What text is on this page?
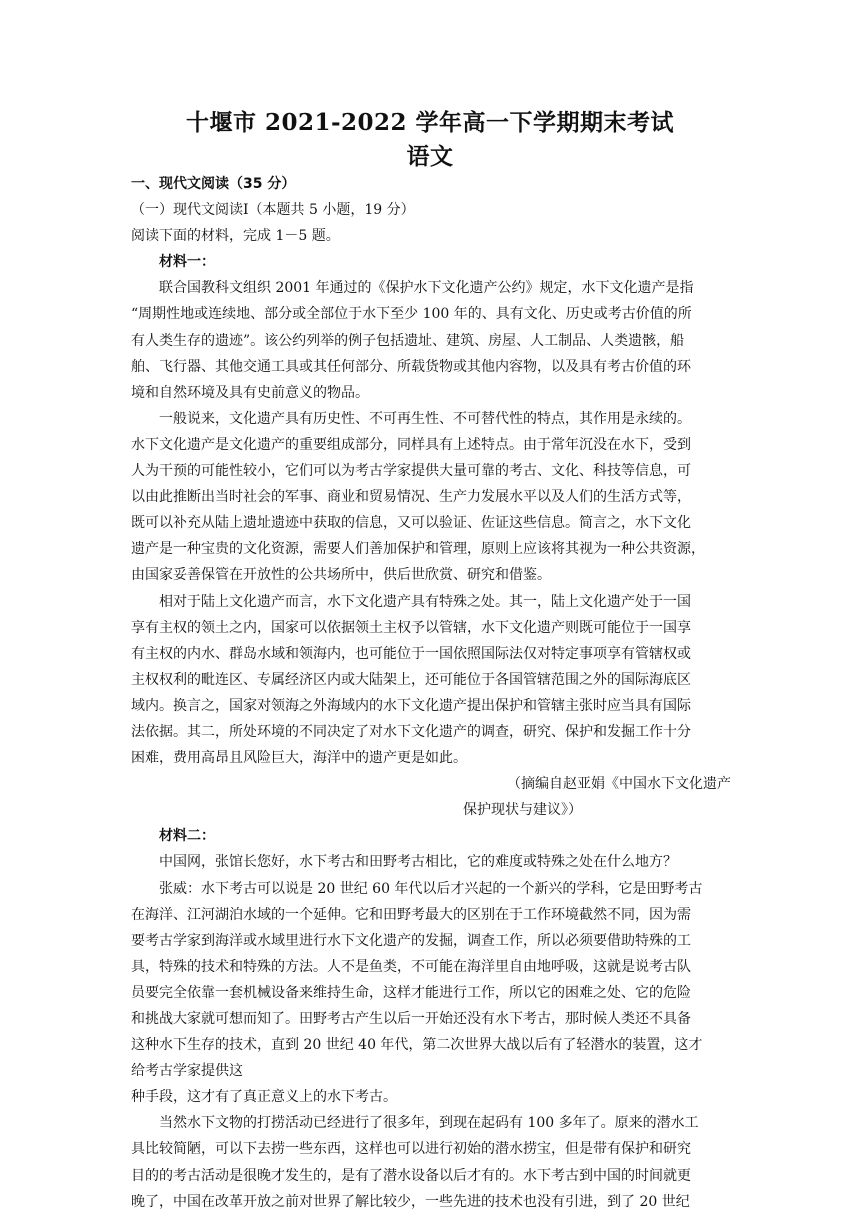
十堰市 2021-2022 学年高一下学期期末考试
语文

一、现代文阅读（35 分）

（一）现代文阅读Ⅰ（本题共 5 小题，19 分）

阅读下面的材料，完成 1－5 题。

材料一：

联合国教科文组织 2001 年通过的《保护水下文化遗产公约》规定，水下文化遗产是指

“周期性地或连续地、部分或全部位于水下至少 100 年的、具有文化、历史或考古价值的所

有人类生存的遗迹”。该公约列举的例子包括遗址、建筑、房屋、人工制品、人类遗骸，船

舶、飞行器、其他交通工具或其任何部分、所载货物或其他内容物，以及具有考古价值的环

境和自然环境及具有史前意义的物品。

一般说来，文化遗产具有历史性、不可再生性、不可替代性的特点，其作用是永续的。

水下文化遗产是文化遗产的重要组成部分，同样具有上述特点。由于常年沉没在水下，受到

人为干预的可能性较小，它们可以为考古学家提供大量可靠的考古、文化、科技等信息，可

以由此推断出当时社会的军事、商业和贸易情况、生产力发展水平以及人们的生活方式等，

既可以补充从陆上遗址遗迹中获取的信息，又可以验证、佐证这些信息。简言之，水下文化

遗产是一种宝贵的文化资源，需要人们善加保护和管理，原则上应该将其视为一种公共资源，

由国家妥善保管在开放性的公共场所中，供后世欣赏、研究和借鉴。

相对于陆上文化遗产而言，水下文化遗产具有特殊之处。其一，陆上文化遗产处于一国

享有主权的领土之内，国家可以依据领土主权予以管辖，水下文化遗产则既可能位于一国享

有主权的内水、群岛水域和领海内，也可能位于一国依照国际法仅对特定事项享有管辖权或

主权权利的毗连区、专属经济区内或大陆架上，还可能位于各国管辖范围之外的国际海底区

域内。换言之，国家对领海之外海域内的水下文化遗产提出保护和管辖主张时应当具有国际

法依据。其二，所处环境的不同决定了对水下文化遗产的调查，研究、保护和发掘工作十分

困难，费用高昂且风险巨大，海洋中的遗产更是如此。

（摘编自赵亚娟《中国水下文化遗产

保护现状与建议》）

材料二：

中国网，张馆长您好，水下考古和田野考古相比，它的难度或特殊之处在什么地方？

张威：水下考古可以说是 20 世纪 60 年代以后才兴起的一个新兴的学科，它是田野考古

在海洋、江河湖泊水域的一个延伸。它和田野考最大的区别在于工作环境截然不同，因为需

要考古学家到海洋或水域里进行水下文化遗产的发掘，调查工作，所以必须要借助特殊的工

具，特殊的技术和特殊的方法。人不是鱼类，不可能在海洋里自由地呼吸，这就是说考古队

员要完全依靠一套机械设备来维持生命，这样才能进行工作，所以它的困难之处、它的危险

和挑战大家就可想而知了。田野考古产生以后一开始还没有水下考古，那时候人类还不具备

这种水下生存的技术，直到 20 世纪 40 年代，第二次世界大战以后有了轻潜水的装置，这才

给考古学家提供这

种手段，这才有了真正意义上的水下考古。

当然水下文物的打捞活动已经进行了很多年，到现在起码有 100 多年了。原来的潜水工

具比较简陋，可以下去捞一些东西，这样也可以进行初始的潜水捞宝，但是带有保护和研究

目的的考古活动是很晚才发生的，是有了潜水设备以后才有的。水下考古到中国的时间就更

晚了，中国在改革开放之前对世界了解比较少，一些先进的技术也没有引进，到了 20 世纪
